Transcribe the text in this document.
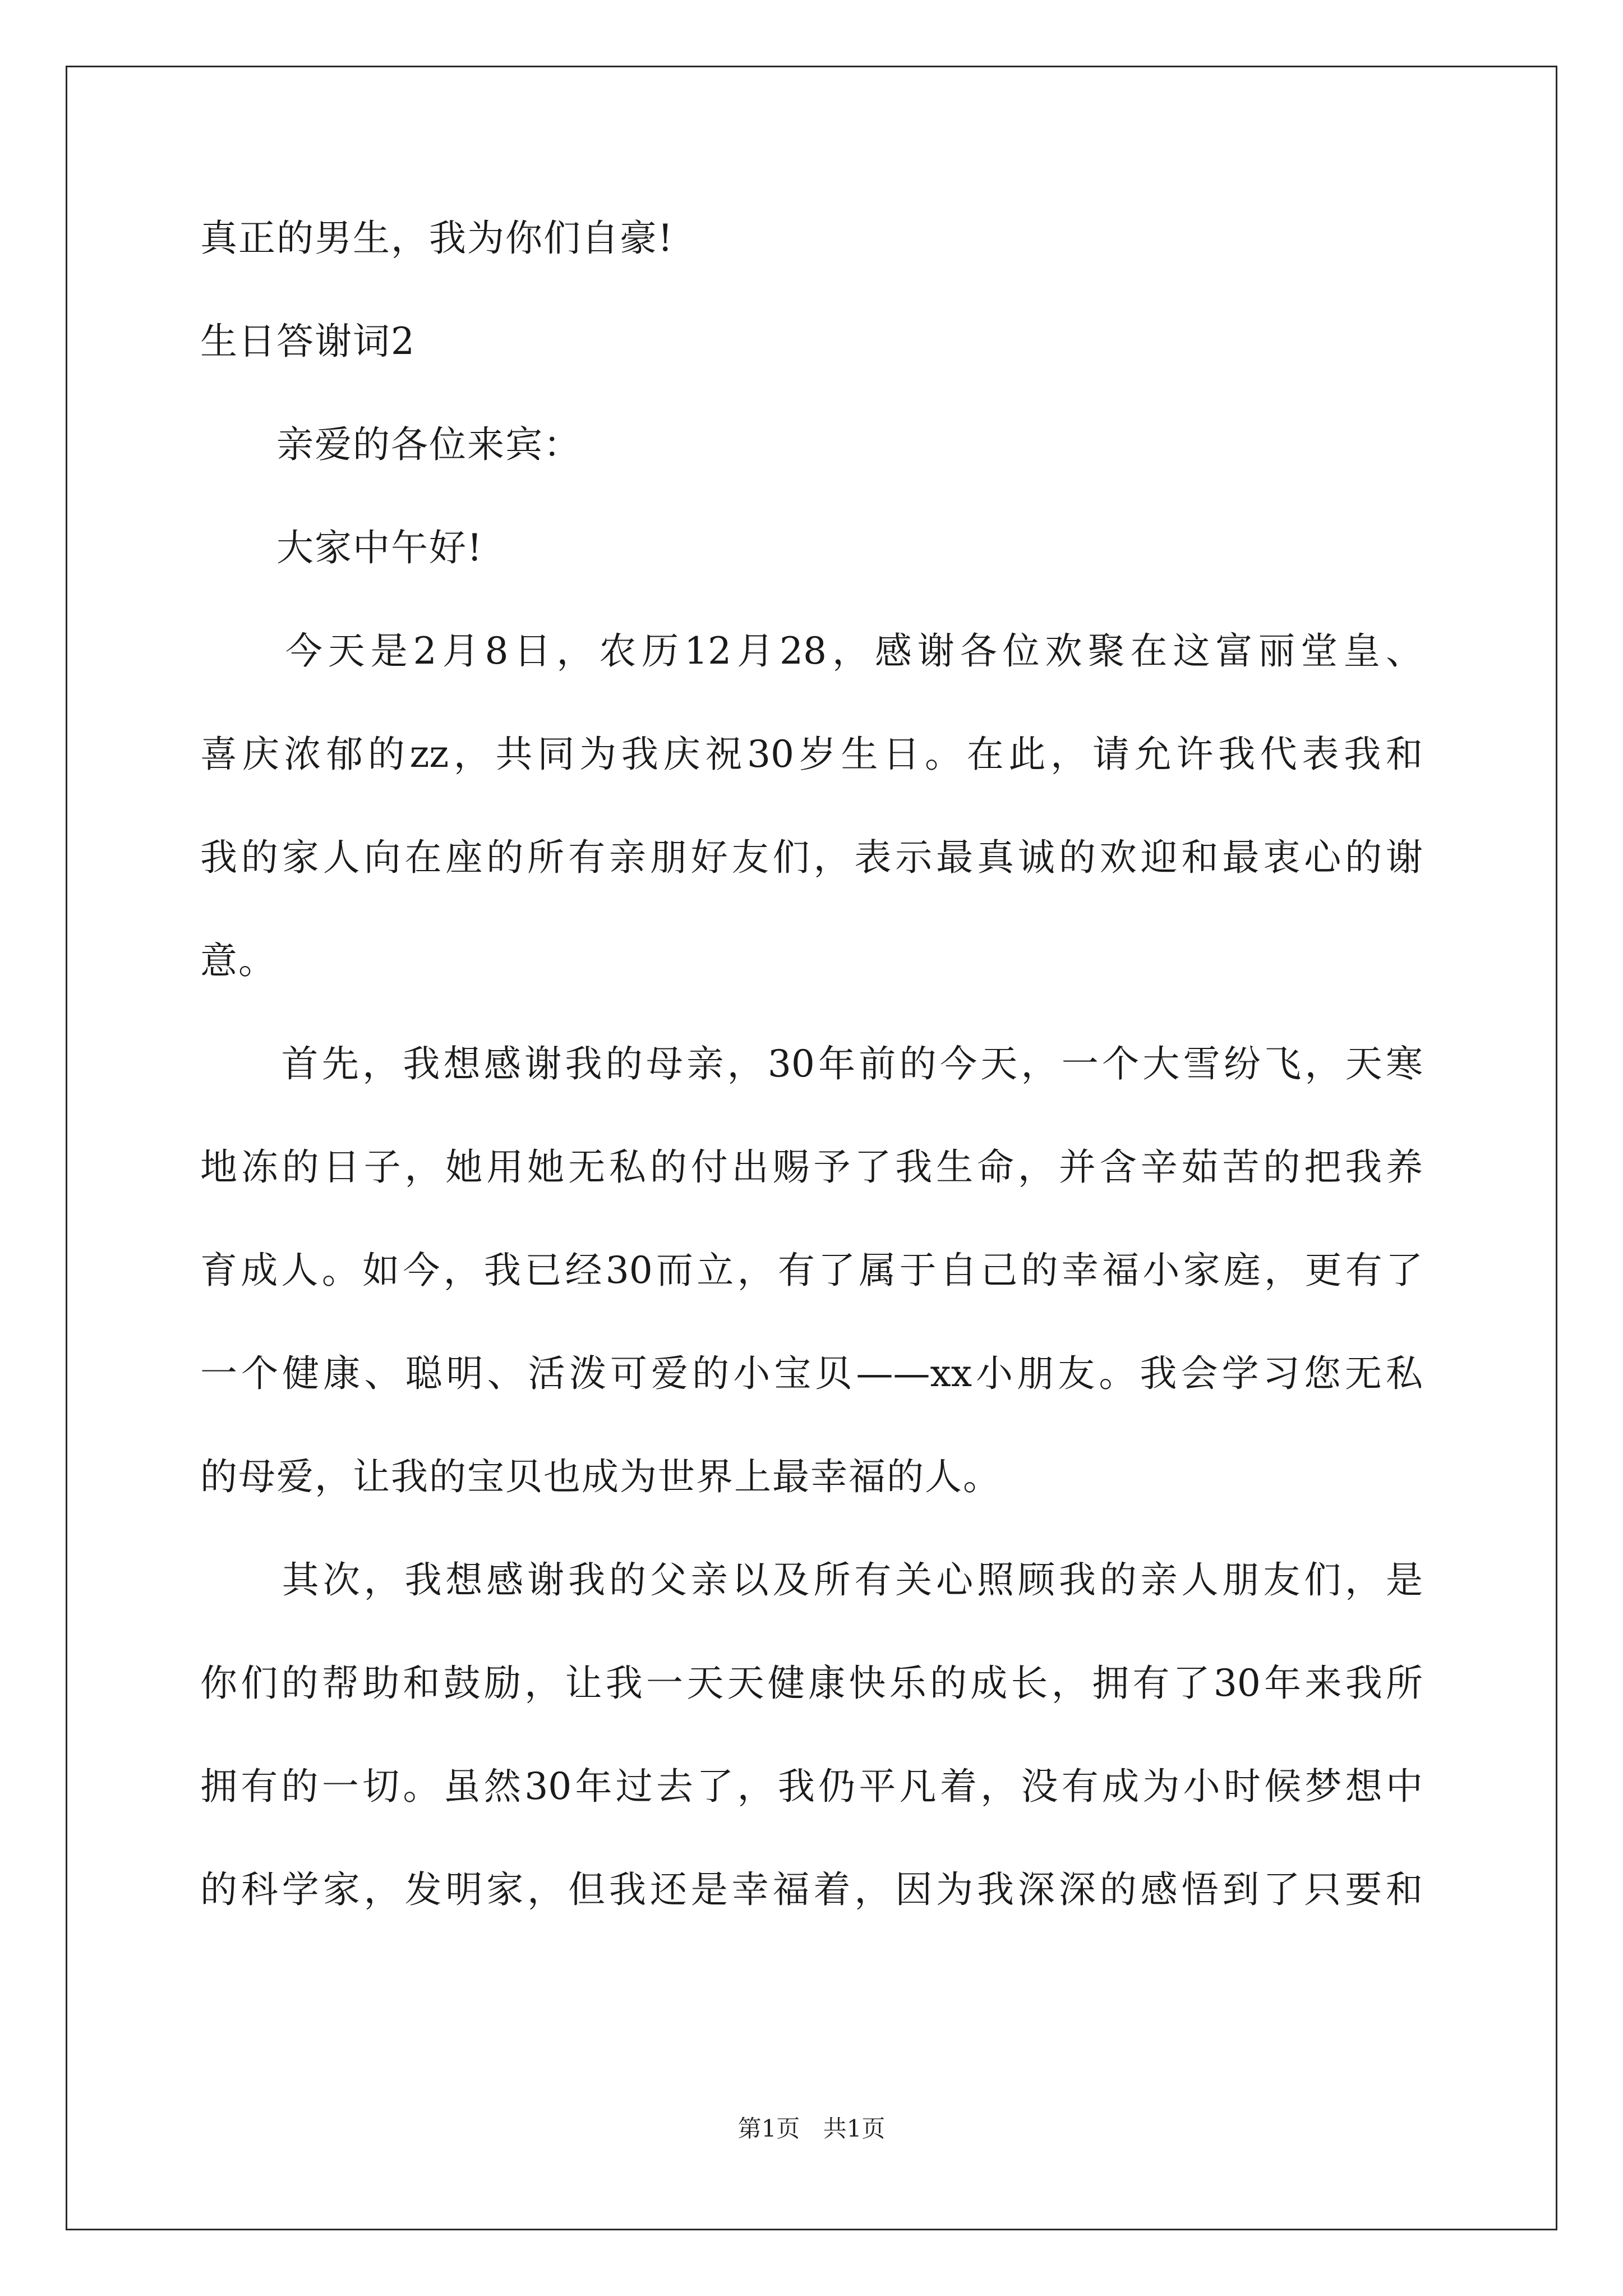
真正的男生，我为你们自豪!
生日答谢词2
　　亲爱的各位来宾：
　　大家中午好!
　　今天是2月8日，农历12月28，感谢各位欢聚在这富丽堂皇、
喜庆浓郁的zz，共同为我庆祝30岁生日。在此，请允许我代表我和
我的家人向在座的所有亲朋好友们，表示最真诚的欢迎和最衷心的谢
意。
　　首先，我想感谢我的母亲，30年前的今天，一个大雪纷飞，天寒
地冻的日子，她用她无私的付出赐予了我生命，并含辛茹苦的把我养
育成人。如今，我已经30而立，有了属于自己的幸福小家庭，更有了
一个健康、聪明、活泼可爱的小宝贝——xx小朋友。我会学习您无私
的母爱，让我的宝贝也成为世界上最幸福的人。
　　其次，我想感谢我的父亲以及所有关心照顾我的亲人朋友们，是
你们的帮助和鼓励，让我一天天健康快乐的成长，拥有了30年来我所
拥有的一切。虽然30年过去了，我仍平凡着，没有成为小时候梦想中
的科学家，发明家，但我还是幸福着，因为我深深的感悟到了只要和
第1页 共1页
